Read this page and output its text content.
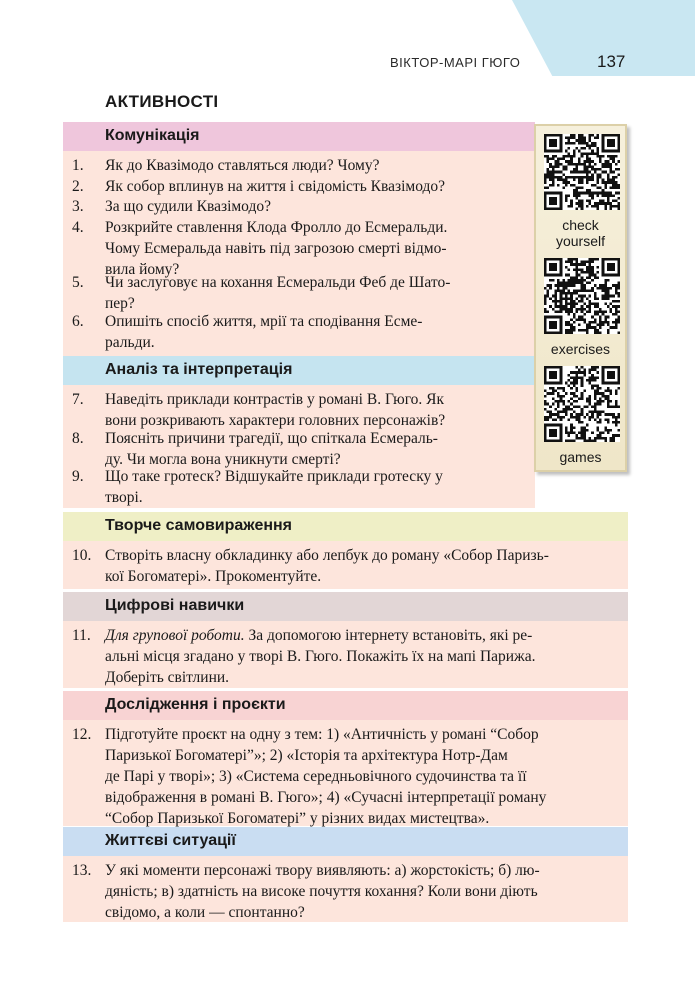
ВІКТОР-МАРІ ГЮГО	137
АКТИВНОСТІ
Комунікація
Аналіз та інтерпретація
Творче самовираження
Цифрові навички
Дослідження і проєкти
Життєві ситуації
1. Як до Квазімодо ставляться люди? Чому?
2. Як собор вплинув на життя і свідомість Квазімодо?
3. За що судили Квазімодо?
4. Розкрийте ставлення Клода Фролло до Есмеральди.
Чому Есмеральда навіть під загрозою смерті відмо-
вила йому?
5. Чи заслуговує на кохання Есмеральди Феб де Шато-
пер?
6. Опишіть спосіб життя, мрії та сподівання Есме-
ральди.
7. Наведіть приклади контрастів у романі В. Гюго. Як
вони розкривають характери головних персонажів?
8. Поясніть причини трагедії, що спіткала Есмераль-
ду. Чи могла вона уникнути смерті?
9. Що таке гротеск? Відшукайте приклади гротеску у
творі.
10. Створіть власну обкладинку або лепбук до роману «Собор Паризь-
кої Богоматері». Прокоментуйте.
11. Для групової роботи. За допомогою інтернету встановіть, які ре-
альні місця згадано у творі В. Гюго. Покажіть їх на мапі Парижа.
Доберіть світлини.
12. Підготуйте проєкт на одну з тем: 1) «Античність у романі “Собор
Паризької Богоматері”»; 2) «Історія та архітектура Нотр-Дам
де Парі у творі»; 3) «Система середньовічного судочинства та її
відображення в романі В. Гюго»; 4) «Сучасні інтерпретації роману
“Собор Паризької Богоматері” у різних видах мистецтва».
13. У які моменти персонажі твору виявляють: а) жорстокість; б) лю-
дяність; в) здатність на високе почуття кохання? Коли вони діють
свідомо, а коли — спонтанно?
check
yourself
exercises
games
